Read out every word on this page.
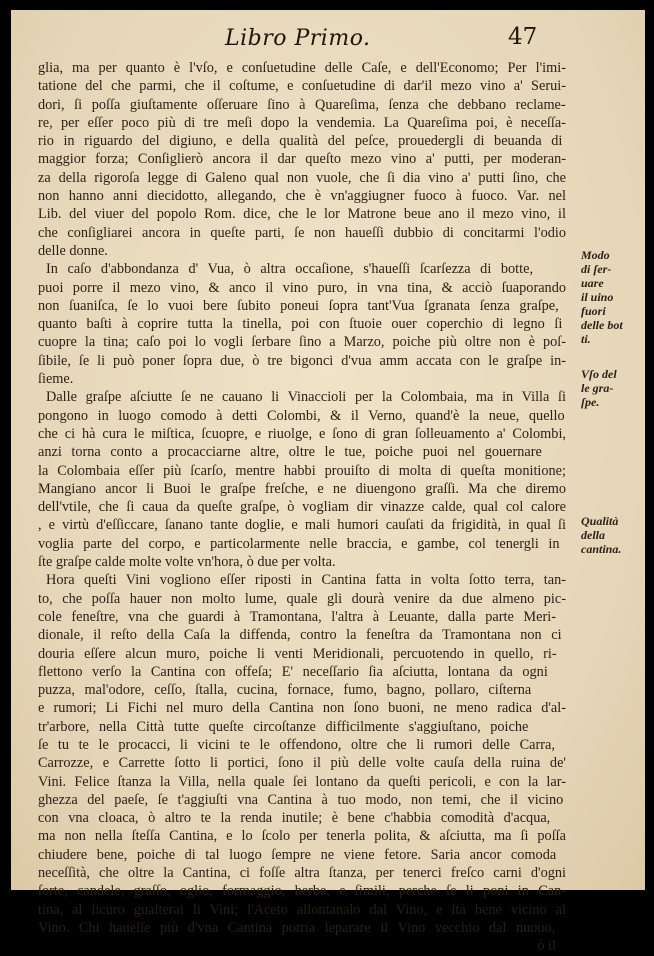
Libro Primo.	47
glia, ma per quanto è l'vſo, e conſuetudine delle Caſe, e dell'Economo; Per l'imi-
tatione del che parmi, che il coſtume, e conſuetudine di dar'il mezo vino a' Serui-
dori, ſi poſſa giuſtamente oſſeruare ſino à Quareſima, ſenza che debbano reclame-
re, per eſſer poco più di tre meſi dopo la vendemia. La Quareſima poi, è neceſſa-
rio in riguardo del digiuno, e della qualità del peſce, prouedergli di beuanda di
maggior forza; Conſiglierò ancora il dar queſto mezo vino a' putti, per moderan-
za della rigoroſa legge di Galeno qual non vuole, che ſi dia vino a' putti ſino, che
non hanno anni diecidotto, allegando, che è vn'aggiugner fuoco à fuoco. Var. nel
Lib. del viuer del popolo Rom. dice, che le lor Matrone beue ano il mezo vino, il
che conſigliarei ancora in queſte parti, ſe non haueſſi dubbio di concitarmi l'odio
delle donne.
In caſo d'abbondanza d' Vua, ò altra occaſione, s'haueſſi ſcarſezza di botte,
puoi porre il mezo vino, & anco il vino puro, in vna tina, & acciò ſuaporando
non ſuaniſca, ſe lo vuoi bere ſubito poneui ſopra tant'Vua ſgranata ſenza graſpe,
quanto baſti à coprire tutta la tinella, poi con ſtuoie ouer coperchio di legno ſi
cuopre la tina; caſo poi lo vogli ſerbare ſino a Marzo, poiche più oltre non è poſ-
ſibile, ſe li può poner ſopra due, ò tre bigonci d'vua amm accata con le graſpe in-
ſieme.
Dalle graſpe aſciutte ſe ne cauano li Vinaccioli per la Colombaia, ma in Villa ſi
pongono in luogo comodo à detti Colombi, & il Verno, quand'è la neue, quello
che ci hà cura le miſtica, ſcuopre, e riuolge, e ſono di gran ſolleuamento a' Colombi,
anzi torna conto a procacciarne altre, oltre le tue, poiche puoi nel gouernare
la Colombaia eſſer più ſcarſo, mentre habbi prouiſto di molta di queſta monitione;
Mangiano ancor li Buoi le graſpe freſche, e ne diuengono graſſi. Ma che diremo
dell'vtile, che ſi caua da queſte graſpe, ò vogliam dir vinazze calde, qual col calore
, e virtù d'eſſiccare, ſanano tante doglie, e mali humori cauſati da frigidità, in qual ſi
voglia parte del corpo, e particolarmente nelle braccia, e gambe, col tenergli in
ſte graſpe calde molte volte vn'hora, ò due per volta.
Hora queſti Vini vogliono eſſer riposti in Cantina fatta in volta ſotto terra, tan-
to, che poſſa hauer non molto lume, quale gli dourà venire da due almeno pic-
cole feneſtre, vna che guardi à Tramontana, l'altra à Leuante, dalla parte Meri-
dionale, il reſto della Caſa la diffenda, contro la feneſtra da Tramontana non ci
douria eſſere alcun muro, poiche li venti Meridionali, percuotendo in quello, ri-
flettono verſo la Cantina con offeſa; E' neceſſario ſia aſciutta, lontana da ogni
puzza, mal'odore, ceſſo, ſtalla, cucina, fornace, fumo, bagno, pollaro, ciſterna
e rumori; Li Fichi nel muro della Cantina non ſono buoni, ne meno radica d'al-
tr'arbore, nella Città tutte queſte circoſtanze difficilmente s'aggiuſtano, poiche
ſe tu te le procacci, li vicini te le offendono, oltre che li rumori delle Carra,
Carrozze, e Carrette ſotto li portici, ſono il più delle volte cauſa della ruina de'
Vini. Felice ſtanza la Villa, nella quale ſei lontano da queſti pericoli, e con la lar-
ghezza del paeſe, ſe t'aggiuſti vna Cantina à tuo modo, non temi, che il vicino
con vna cloaca, ò altro te la renda inutile; è bene c'habbia comodità d'acqua,
ma non nella ſteſſa Cantina, e lo ſcolo per tenerla polita, & aſciutta, ma ſi poſſa
chiudere bene, poiche di tal luogo ſempre ne viene fetore. Saria ancor comoda
neceſſità, che oltre la Cantina, ci foſſe altra ſtanza, per tenerci freſco carni d'ogni
ſorte, candele, graſſo, oglio, formaggio, herbe, e ſimili, perche ſe li poni in Can-
tina, al ſicuro guaſterai li Vini; l'Aceto allontanalo dal Vino, e ſtà bene vicino al
Vino. Chi haueſſe più d'vna Cantina potria ſeparare il Vino vecchio dal nuouo,
ò il
Modo
di ſer-
uare
il uino
fuori
delle bot
ti.
Vſo del
le gra-
ſpe.
Qualità
della
cantina.
